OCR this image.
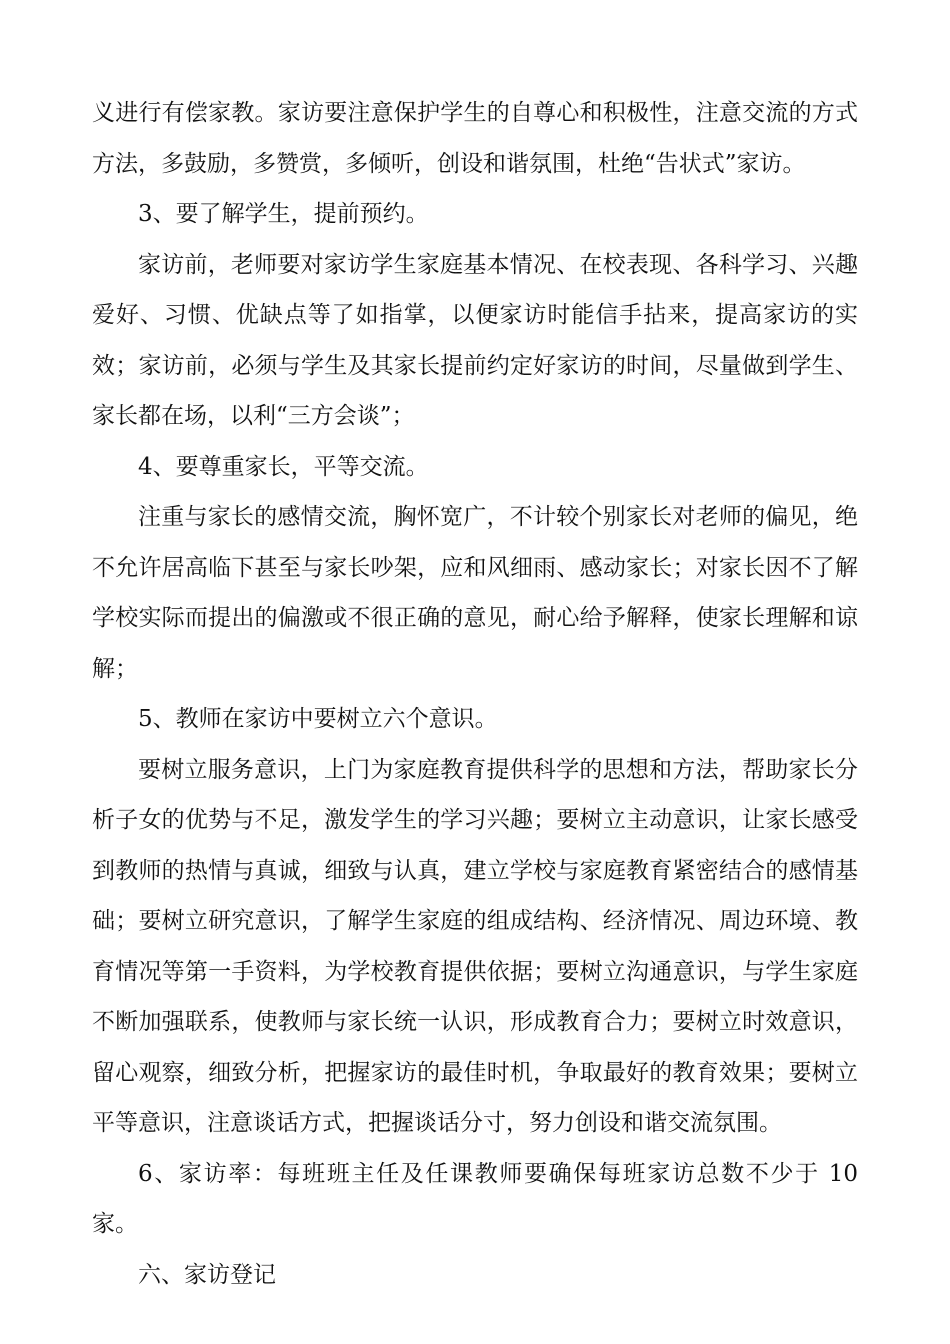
义进行有偿家教。家访要注意保护学生的自尊心和积极性，注意交流的方式方法，多鼓励，多赞赏，多倾听，创设和谐氛围，杜绝“告状式”家访。

3、要了解学生，提前预约。

家访前，老师要对家访学生家庭基本情况、在校表现、各科学习、兴趣爱好、习惯、优缺点等了如指掌，以便家访时能信手拈来，提高家访的实效；家访前，必须与学生及其家长提前约定好家访的时间，尽量做到学生、家长都在场，以利“三方会谈”；

4、要尊重家长，平等交流。

注重与家长的感情交流，胸怀宽广，不计较个别家长对老师的偏见，绝不允许居高临下甚至与家长吵架，应和风细雨、感动家长；对家长因不了解学校实际而提出的偏激或不很正确的意见，耐心给予解释，使家长理解和谅解；

5、教师在家访中要树立六个意识。

要树立服务意识，上门为家庭教育提供科学的思想和方法，帮助家长分析子女的优势与不足，激发学生的学习兴趣；要树立主动意识，让家长感受到教师的热情与真诚，细致与认真，建立学校与家庭教育紧密结合的感情基础；要树立研究意识，了解学生家庭的组成结构、经济情况、周边环境、教育情况等第一手资料，为学校教育提供依据；要树立沟通意识，与学生家庭不断加强联系，使教师与家长统一认识，形成教育合力；要树立时效意识，留心观察，细致分析，把握家访的最佳时机，争取最好的教育效果；要树立平等意识，注意谈话方式，把握谈话分寸，努力创设和谐交流氛围。

6、家访率：每班班主任及任课教师要确保每班家访总数不少于 10 家。

六、家访登记
